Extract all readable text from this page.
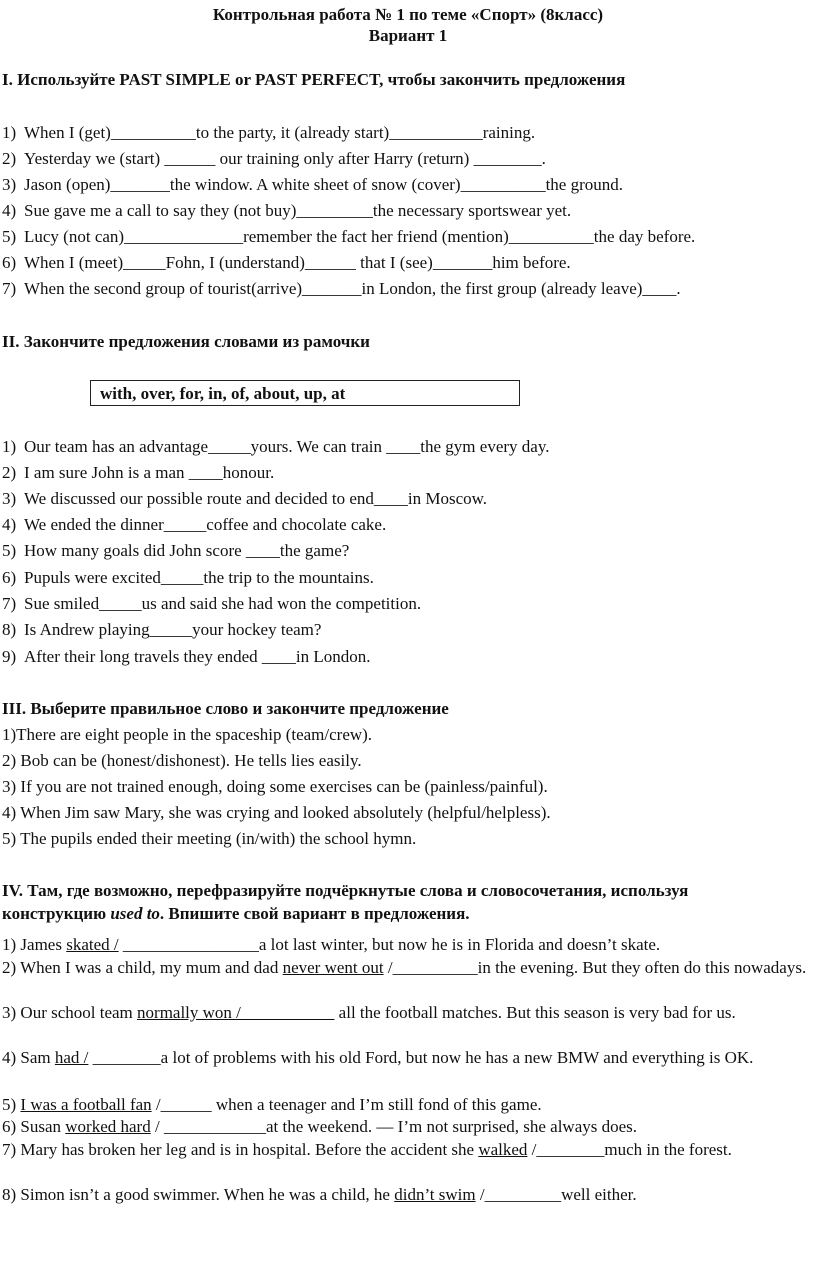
Контрольная работа № 1 по теме «Спорт» (8класс)
Вариант 1
I. Используйте PAST SIMPLE or PAST PERFECT, чтобы закончить предложения
1) When I (get)__________to the party, it (already start)___________raining.
2) Yesterday we (start) ______ our training only after Harry (return) ________.
3) Jason (open)_______the window. A white sheet of snow (cover)__________the ground.
4) Sue gave me a call to say they (not buy)_________the necessary sportswear yet.
5) Lucy (not can)______________remember the fact her friend (mention)__________the day before.
6) When I (meet)_____Fohn, I (understand)______ that I (see)_______him before.
7) When the second group of tourist(arrive)_______in London, the first group (already leave)____.
II. Закончите предложения словами из рамочки
with, over, for, in, of, about, up, at
1) Our team has an advantage_____yours. We can train ____the gym every day.
2) I am sure John is a man ____honour.
3) We discussed our possible route and decided to end____in Moscow.
4) We ended the dinner_____coffee and chocolate cake.
5) How many goals did John score ____the game?
6) Pupuls were excited_____the trip to the mountains.
7) Sue smiled_____us and said she had won the competition.
8) Is Andrew playing_____your hockey team?
9) After their long travels they ended ____in London.
III. Выберите правильное слово и закончите предложение
1)There are eight people in the spaceship (team/crew).
2) Bob can be (honest/dishonest). He tells lies easily.
3) If you are not trained enough, doing some exercises can be (painless/painful).
4) When Jim saw Mary, she was crying and looked absolutely (helpful/helpless).
5) The pupils ended their meeting (in/with) the school hymn.
IV. Там, где возможно, перефразируйте подчёркнутые слова и словосочетания, используя
конструкцию used to. Впишите свой вариант в предложения.
1) James skated / ________________a lot last winter, but now he is in Florida and doesn’t skate.
2) When I was a child, my mum and dad never went out /__________in the evening. But they often do this nowadays.
3) Our school team normally won /___________ all the football matches. But this season is very bad for us.
4) Sam had / ________a lot of problems with his old Ford, but now he has a new BMW and everything is OK.
5) I was a football fan /______ when a teenager and I’m still fond of this game.
6) Susan worked hard / ____________at the weekend. — I’m not surprised, she always does.
7) Mary has broken her leg and is in hospital. Before the accident she walked /________much in the forest.
8) Simon isn’t a good swimmer. When he was a child, he didn’t swim /_________well either.
